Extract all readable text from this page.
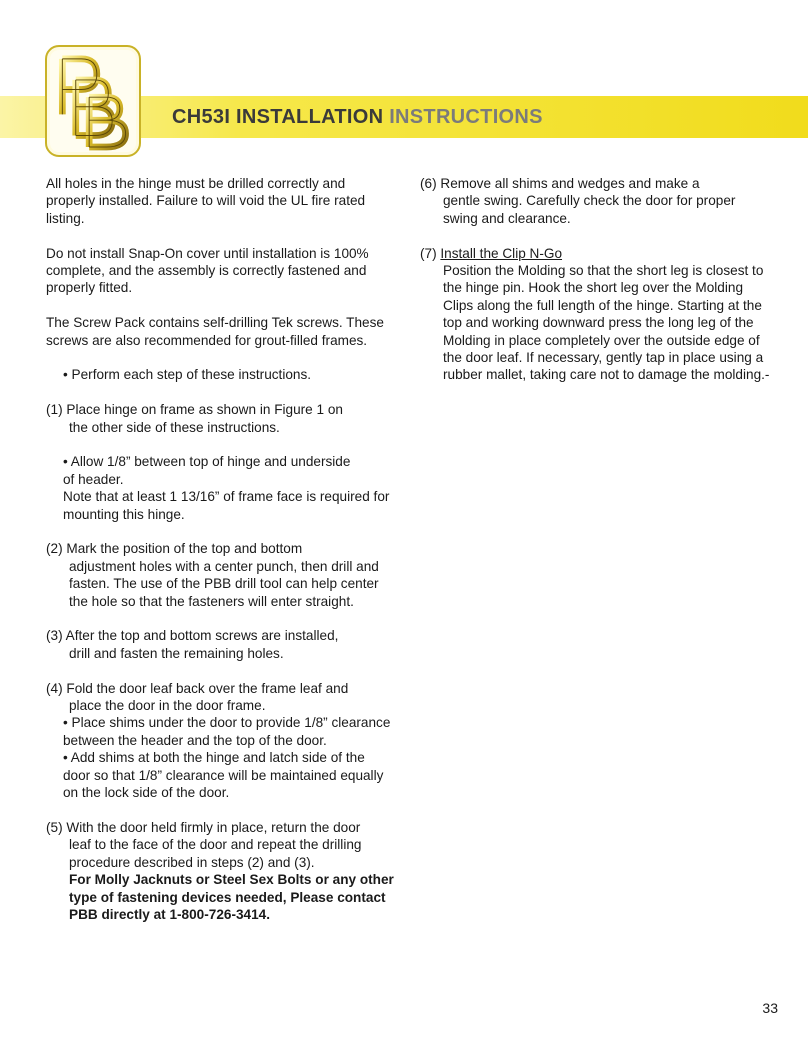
CH53I INSTALLATION INSTRUCTIONS

All holes in the hinge must be drilled correctly and properly installed. Failure to will void the UL fire rated listing.

Do not install Snap-On cover until installation is 100% complete, and the assembly is correctly fastened and properly fitted.

The Screw Pack contains self-drilling Tek screws. These screws are also recommended for grout-filled frames.

• Perform each step of these instructions.

(1) Place hinge on frame as shown in Figure 1 on

the other side of these instructions.

• Allow 1/8” between top of hinge and underside

of header.

Note that at least 1 13/16” of frame face is required for mounting this hinge.

(2) Mark the position of the top and bottom

adjustment holes with a center punch, then drill and fasten. The use of the PBB drill tool can help center the hole so that the fasteners will enter straight.

(3) After the top and bottom screws are installed,

drill and fasten the remaining holes.

(4) Fold the door leaf back over the frame leaf and

place the door in the door frame.

• Place shims under the door to provide 1/8” clearance between the header and the top of the door.

• Add shims at both the hinge and latch side of the door so that 1/8” clearance will be maintained equally on the lock side of the door.

(5) With the door held firmly in place, return the door

leaf to the face of the door and repeat the drilling procedure described in steps (2) and (3).

For Molly Jacknuts or Steel Sex Bolts or any other type of fastening devices needed, Please contact PBB directly at 1-800-726-3414.

(6) Remove all shims and wedges and make a

gentle swing. Carefully check the door for proper swing and clearance.

(7) Install the Clip N-Go

Position the Molding so that the short leg is closest to the hinge pin. Hook the short leg over the Molding Clips along the full length of the hinge. Starting at the top and working downward press the long leg of the Molding in place completely over the outside edge of the door leaf. If necessary, gently tap in place using a rubber mallet, taking care not to damage the molding.-

33
